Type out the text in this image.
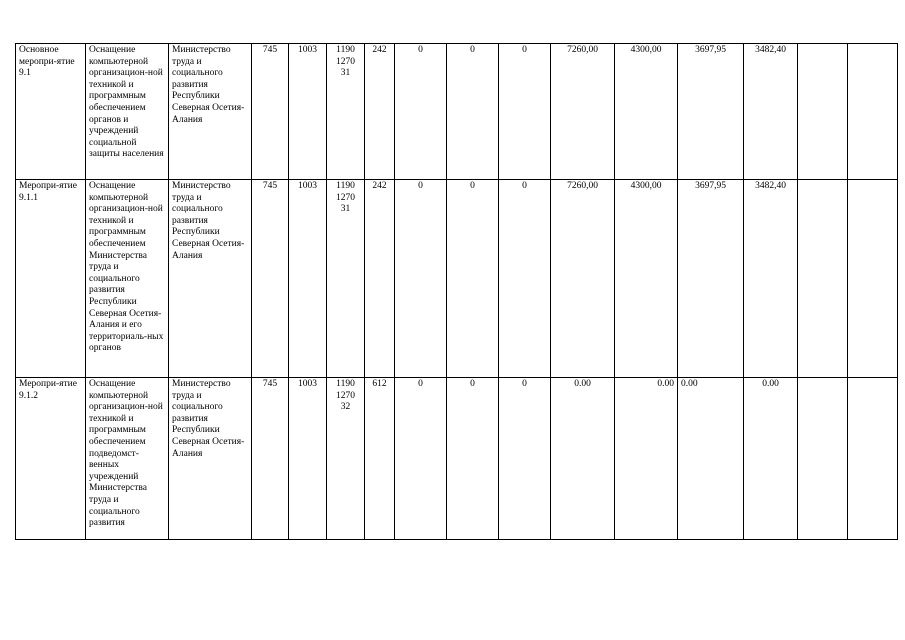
Основное меропри-ятие 9.1	Оснащение компьютерной организацион-ной техникой и программным обеспечением органов и учреждений социальной защиты населения	Министерство труда и социального развития Республики Северная Осетия-Алания	745	1003	1190
1270
31	242	0	0	0	7260,00	4300,00	3697,95	3482,40		
Меропри-ятие 9.1.1	Оснащение компьютерной организацион-ной техникой и программным обеспечением Министерства труда и социального развития Республики Северная Осетия-Алания и его территориаль-ных органов	Министерство труда и социального развития Республики Северная Осетия-Алания	745	1003	1190
1270
31	242	0	0	0	7260,00	4300,00	3697,95	3482,40		
Меропри-ятие 9.1.2	Оснащение компьютерной организацион-ной техникой и программным обеспечением подведомст-венных учреждений Министерства труда и социального развития	Министерство труда и социального развития Республики Северная Осетия-Алания	745	1003	1190
1270
32	612	0	0	0	0.00	0.00	0.00	0.00		
